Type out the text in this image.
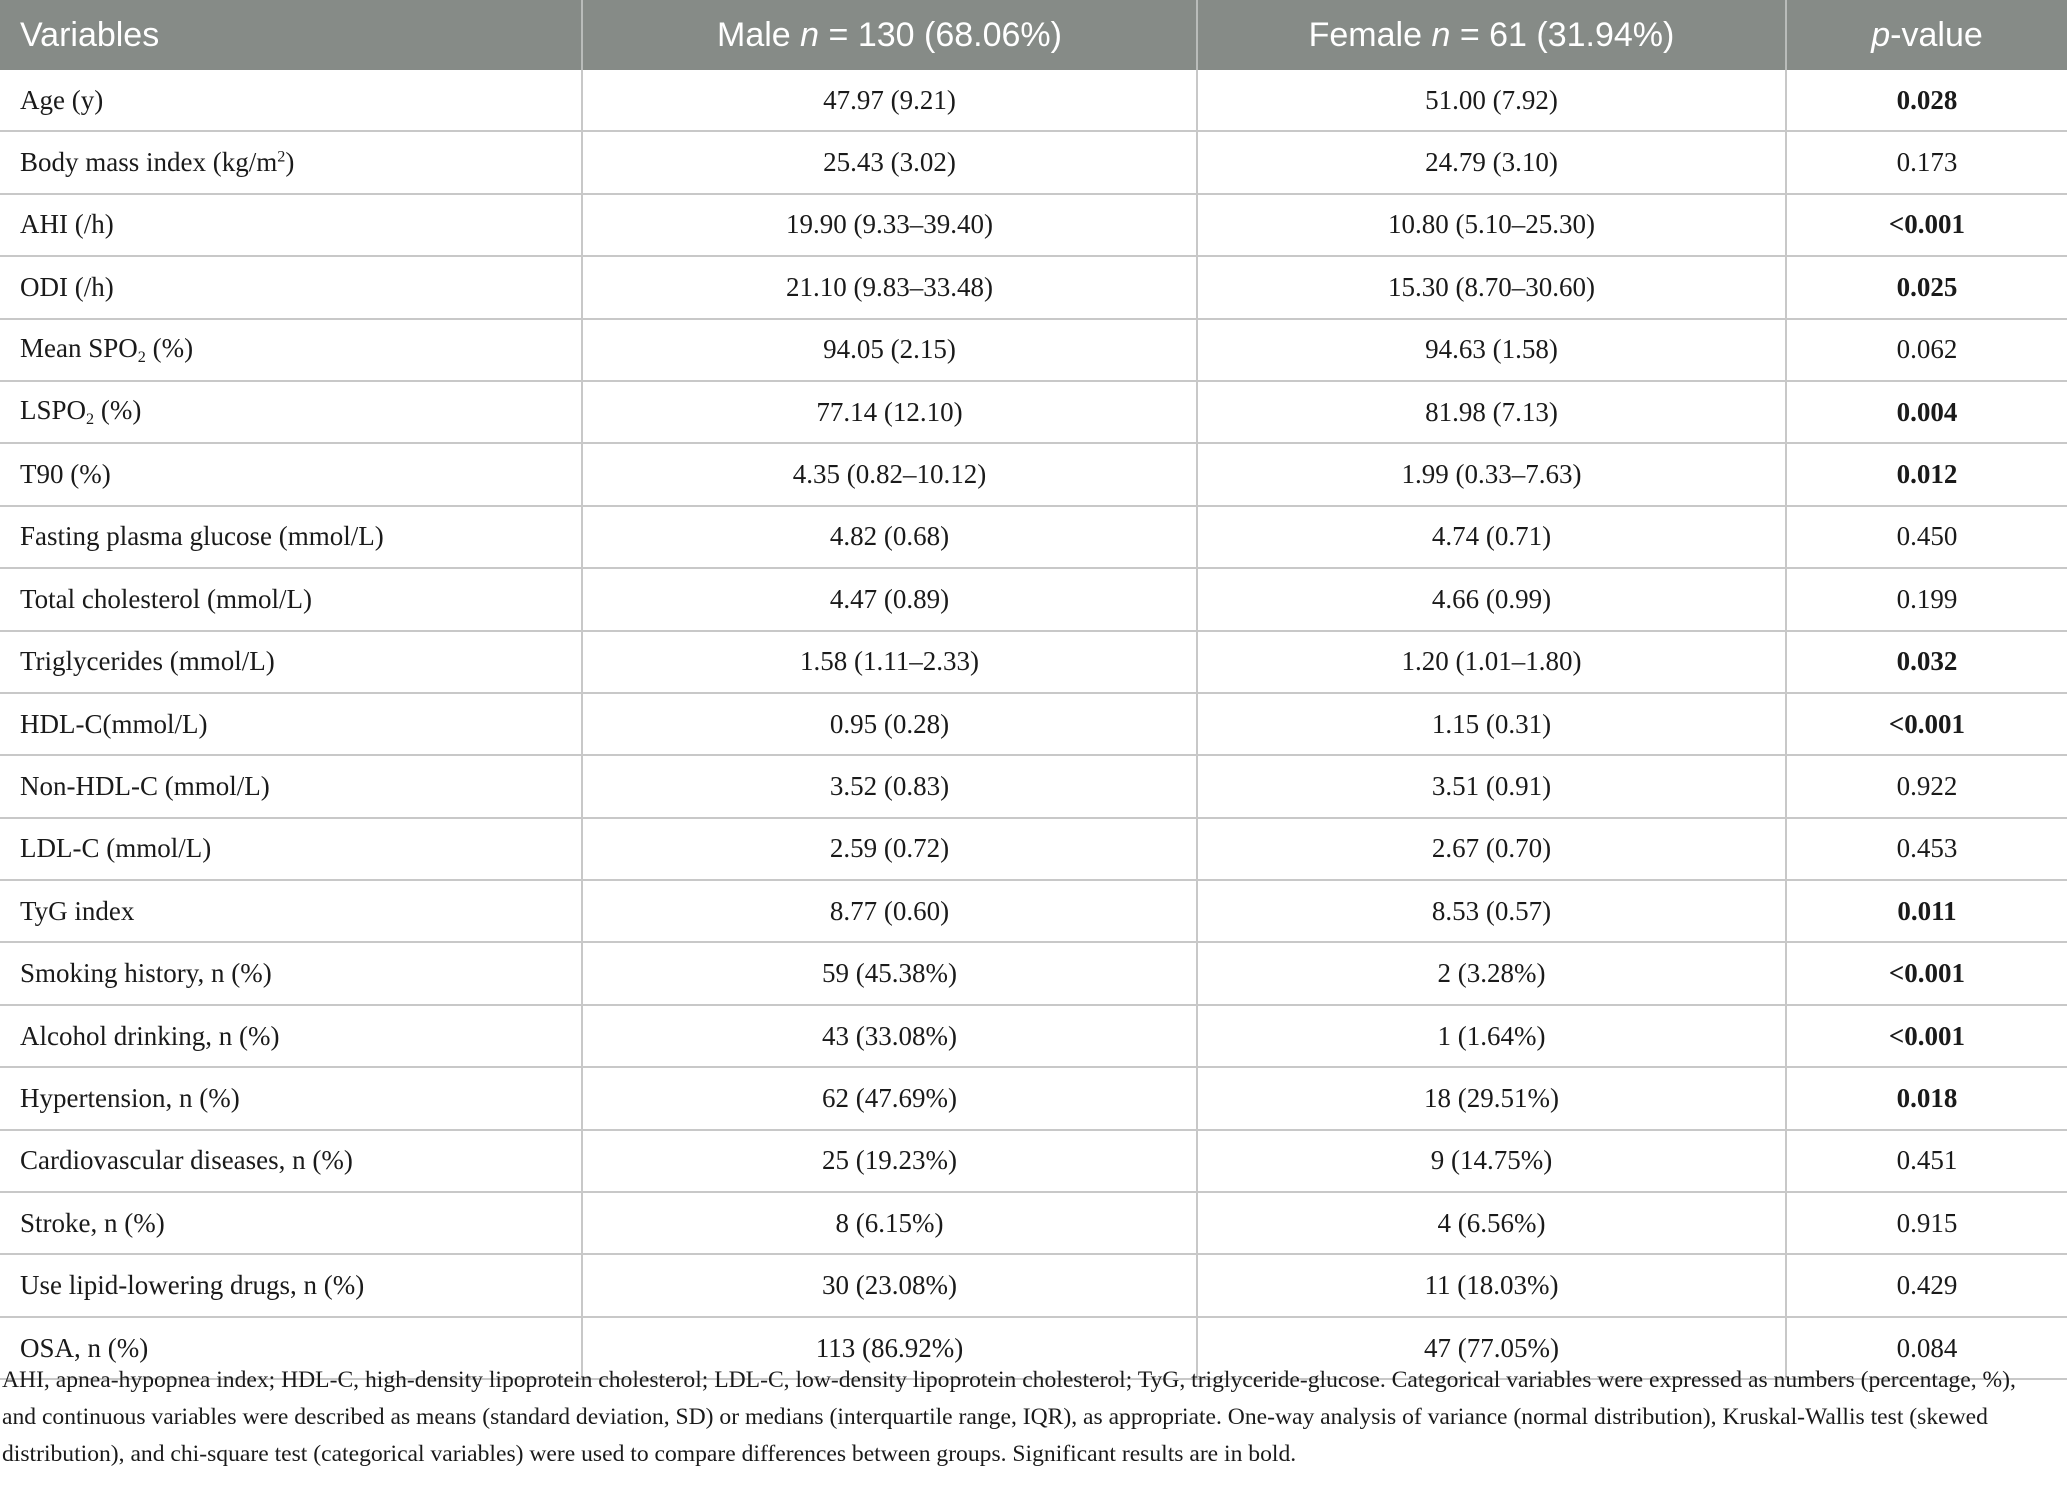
Variables	Male n = 130 (68.06%)	Female n = 61 (31.94%)	p-value
Age (y)	47.97 (9.21)	51.00 (7.92)	0.028
Body mass index $(kg/m^2)$	25.43 (3.02)	24.79 (3.10)	0.173
AHI (/h)	19.90 (9.33–39.40)	10.80 (5.10–25.30)	<0.001
ODI (/h)	21.10 (9.83–33.48)	15.30 (8.70–30.60)	0.025
Mean $SPO_2$ (%)	94.05 (2.15)	94.63 (1.58)	0.062
$LSPO_2$ (%)	77.14 (12.10)	81.98 (7.13)	0.004
T90 (%)	4.35 (0.82–10.12)	1.99 (0.33–7.63)	0.012
Fasting plasma glucose (mmol/L)	4.82 (0.68)	4.74 (0.71)	0.450
Total cholesterol (mmol/L)	4.47 (0.89)	4.66 (0.99)	0.199
Triglycerides (mmol/L)	1.58 (1.11–2.33)	1.20 (1.01–1.80)	0.032
HDL-C(mmol/L)	0.95 (0.28)	1.15 (0.31)	<0.001
Non-HDL-C (mmol/L)	3.52 (0.83)	3.51 (0.91)	0.922
LDL-C (mmol/L)	2.59 (0.72)	2.67 (0.70)	0.453
TyG index	8.77 (0.60)	8.53 (0.57)	0.011
Smoking history, n (%)	59 (45.38%)	2 (3.28%)	<0.001
Alcohol drinking, n (%)	43 (33.08%)	1 (1.64%)	<0.001
Hypertension, n (%)	62 (47.69%)	18 (29.51%)	0.018
Cardiovascular diseases, n (%)	25 (19.23%)	9 (14.75%)	0.451
Stroke, n (%)	8 (6.15%)	4 (6.56%)	0.915
Use lipid-lowering drugs, n (%)	30 (23.08%)	11 (18.03%)	0.429
OSA, n (%)	113 (86.92%)	47 (77.05%)	0.084

AHI, apnea-hypopnea index; HDL-C, high-density lipoprotein cholesterol; LDL-C, low-density lipoprotein cholesterol; TyG, triglyceride-glucose. Categorical variables were expressed as numbers (percentage, %), and continuous variables were described as means (standard deviation, SD) or medians (interquartile range, IQR), as appropriate. One-way analysis of variance (normal distribution), Kruskal-Wallis test (skewed distribution), and chi-square test (categorical variables) were used to compare differences between groups. Significant results are in bold.
